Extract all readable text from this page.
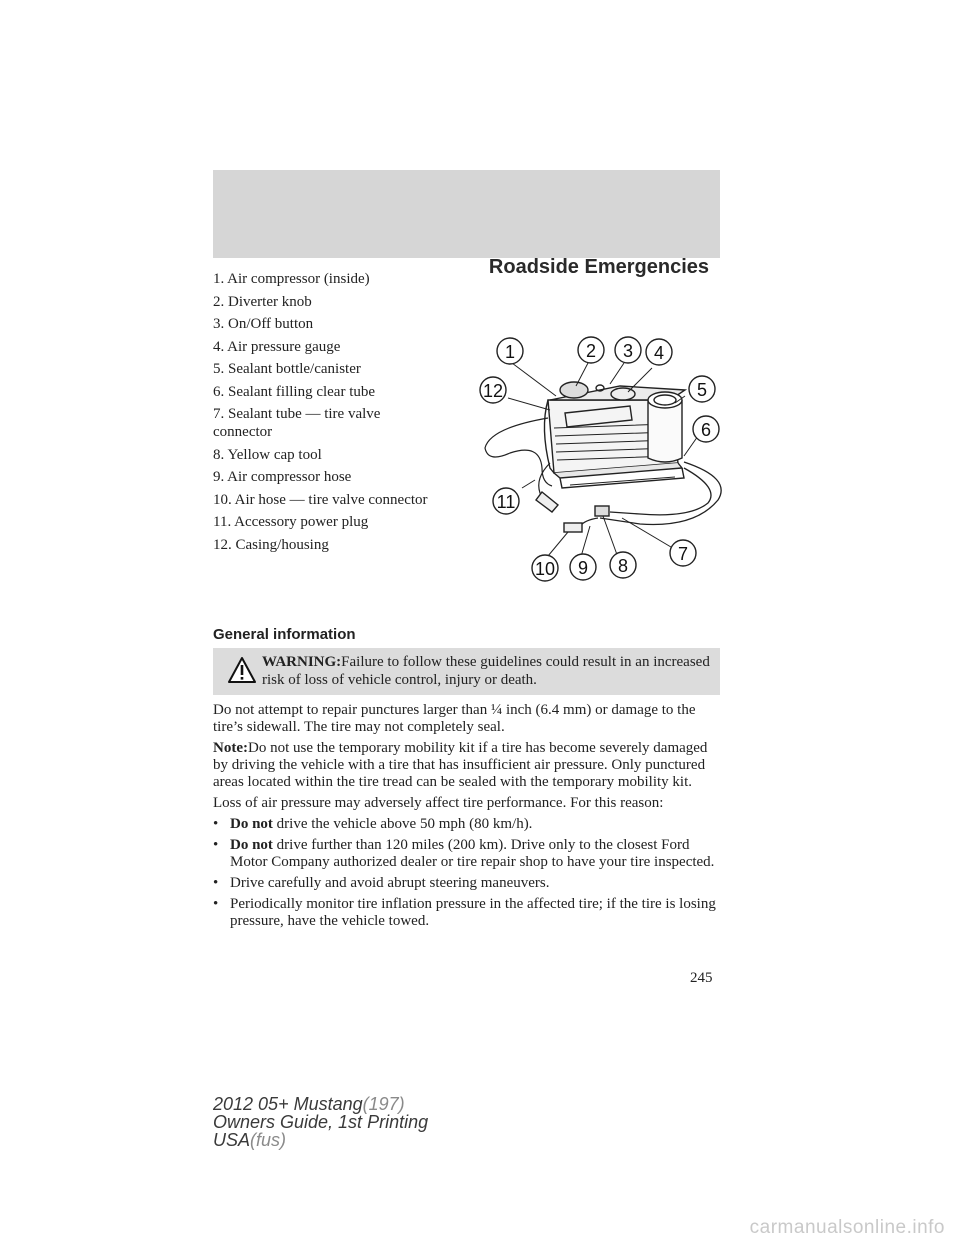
Roadside Emergencies
1. Air compressor (inside)
2. Diverter knob
3. On/Off button
4. Air pressure gauge
5. Sealant bottle/canister
6. Sealant filling clear tube
7. Sealant tube — tire valve connector
8. Yellow cap tool
9. Air compressor hose
10. Air hose — tire valve connector
11. Accessory power plug
12. Casing/housing
1	2 3 4
5
6
7
8
9
10
11
12
General information
WARNING:Failure to follow these guidelines could result in an increased risk of loss of vehicle control, injury or death.

Do not attempt to repair punctures larger than ¼ inch (6.4 mm) or damage to the tire’s sidewall. The tire may not completely seal.

Note:Do not use the temporary mobility kit if a tire has become severely damaged by driving the vehicle with a tire that has insufficient air pressure. Only punctured areas located within the tire tread can be sealed with the temporary mobility kit.

Loss of air pressure may adversely affect tire performance. For this reason:

• Do not drive the vehicle above 50 mph (80 km/h).
• Do not drive further than 120 miles (200 km). Drive only to the closest Ford Motor Company authorized dealer or tire repair shop to have your tire inspected.
• Drive carefully and avoid abrupt steering maneuvers.
• Periodically monitor tire inflation pressure in the affected tire; if the tire is losing pressure, have the vehicle towed.
245
2012 05+ Mustang(197)
Owners Guide, 1st Printing
USA(fus)
carmanualsonline.info
